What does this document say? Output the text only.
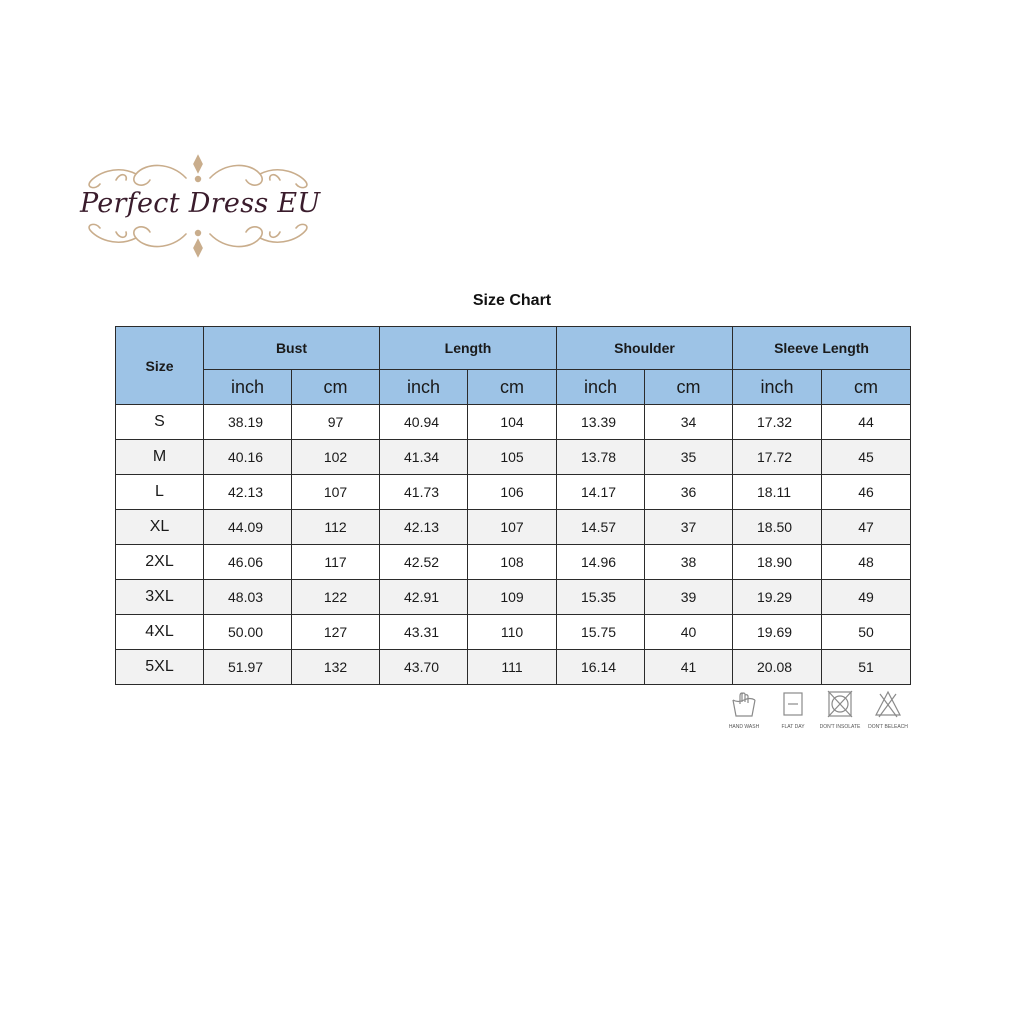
Perfect Dress EU
Size Chart
Size	Bust		Length		Shoulder		Sleeve Length	
	inch	cm	inch	cm	inch	cm	inch	cm
S	38.19	97	40.94	104	13.39	34	17.32	44
M	40.16	102	41.34	105	13.78	35	17.72	45
L	42.13	107	41.73	106	14.17	36	18.11	46
XL	44.09	112	42.13	107	14.57	37	18.50	47
2XL	46.06	117	42.52	108	14.96	38	18.90	48
3XL	48.03	122	42.91	109	15.35	39	19.29	49
4XL	50.00	127	43.31	110	15.75	40	19.69	50
5XL	51.97	132	43.70	111	16.14	41	20.08	51
HAND WASH	FLAT DAY	DON'T INSOLATE	DON'T BELEACH
